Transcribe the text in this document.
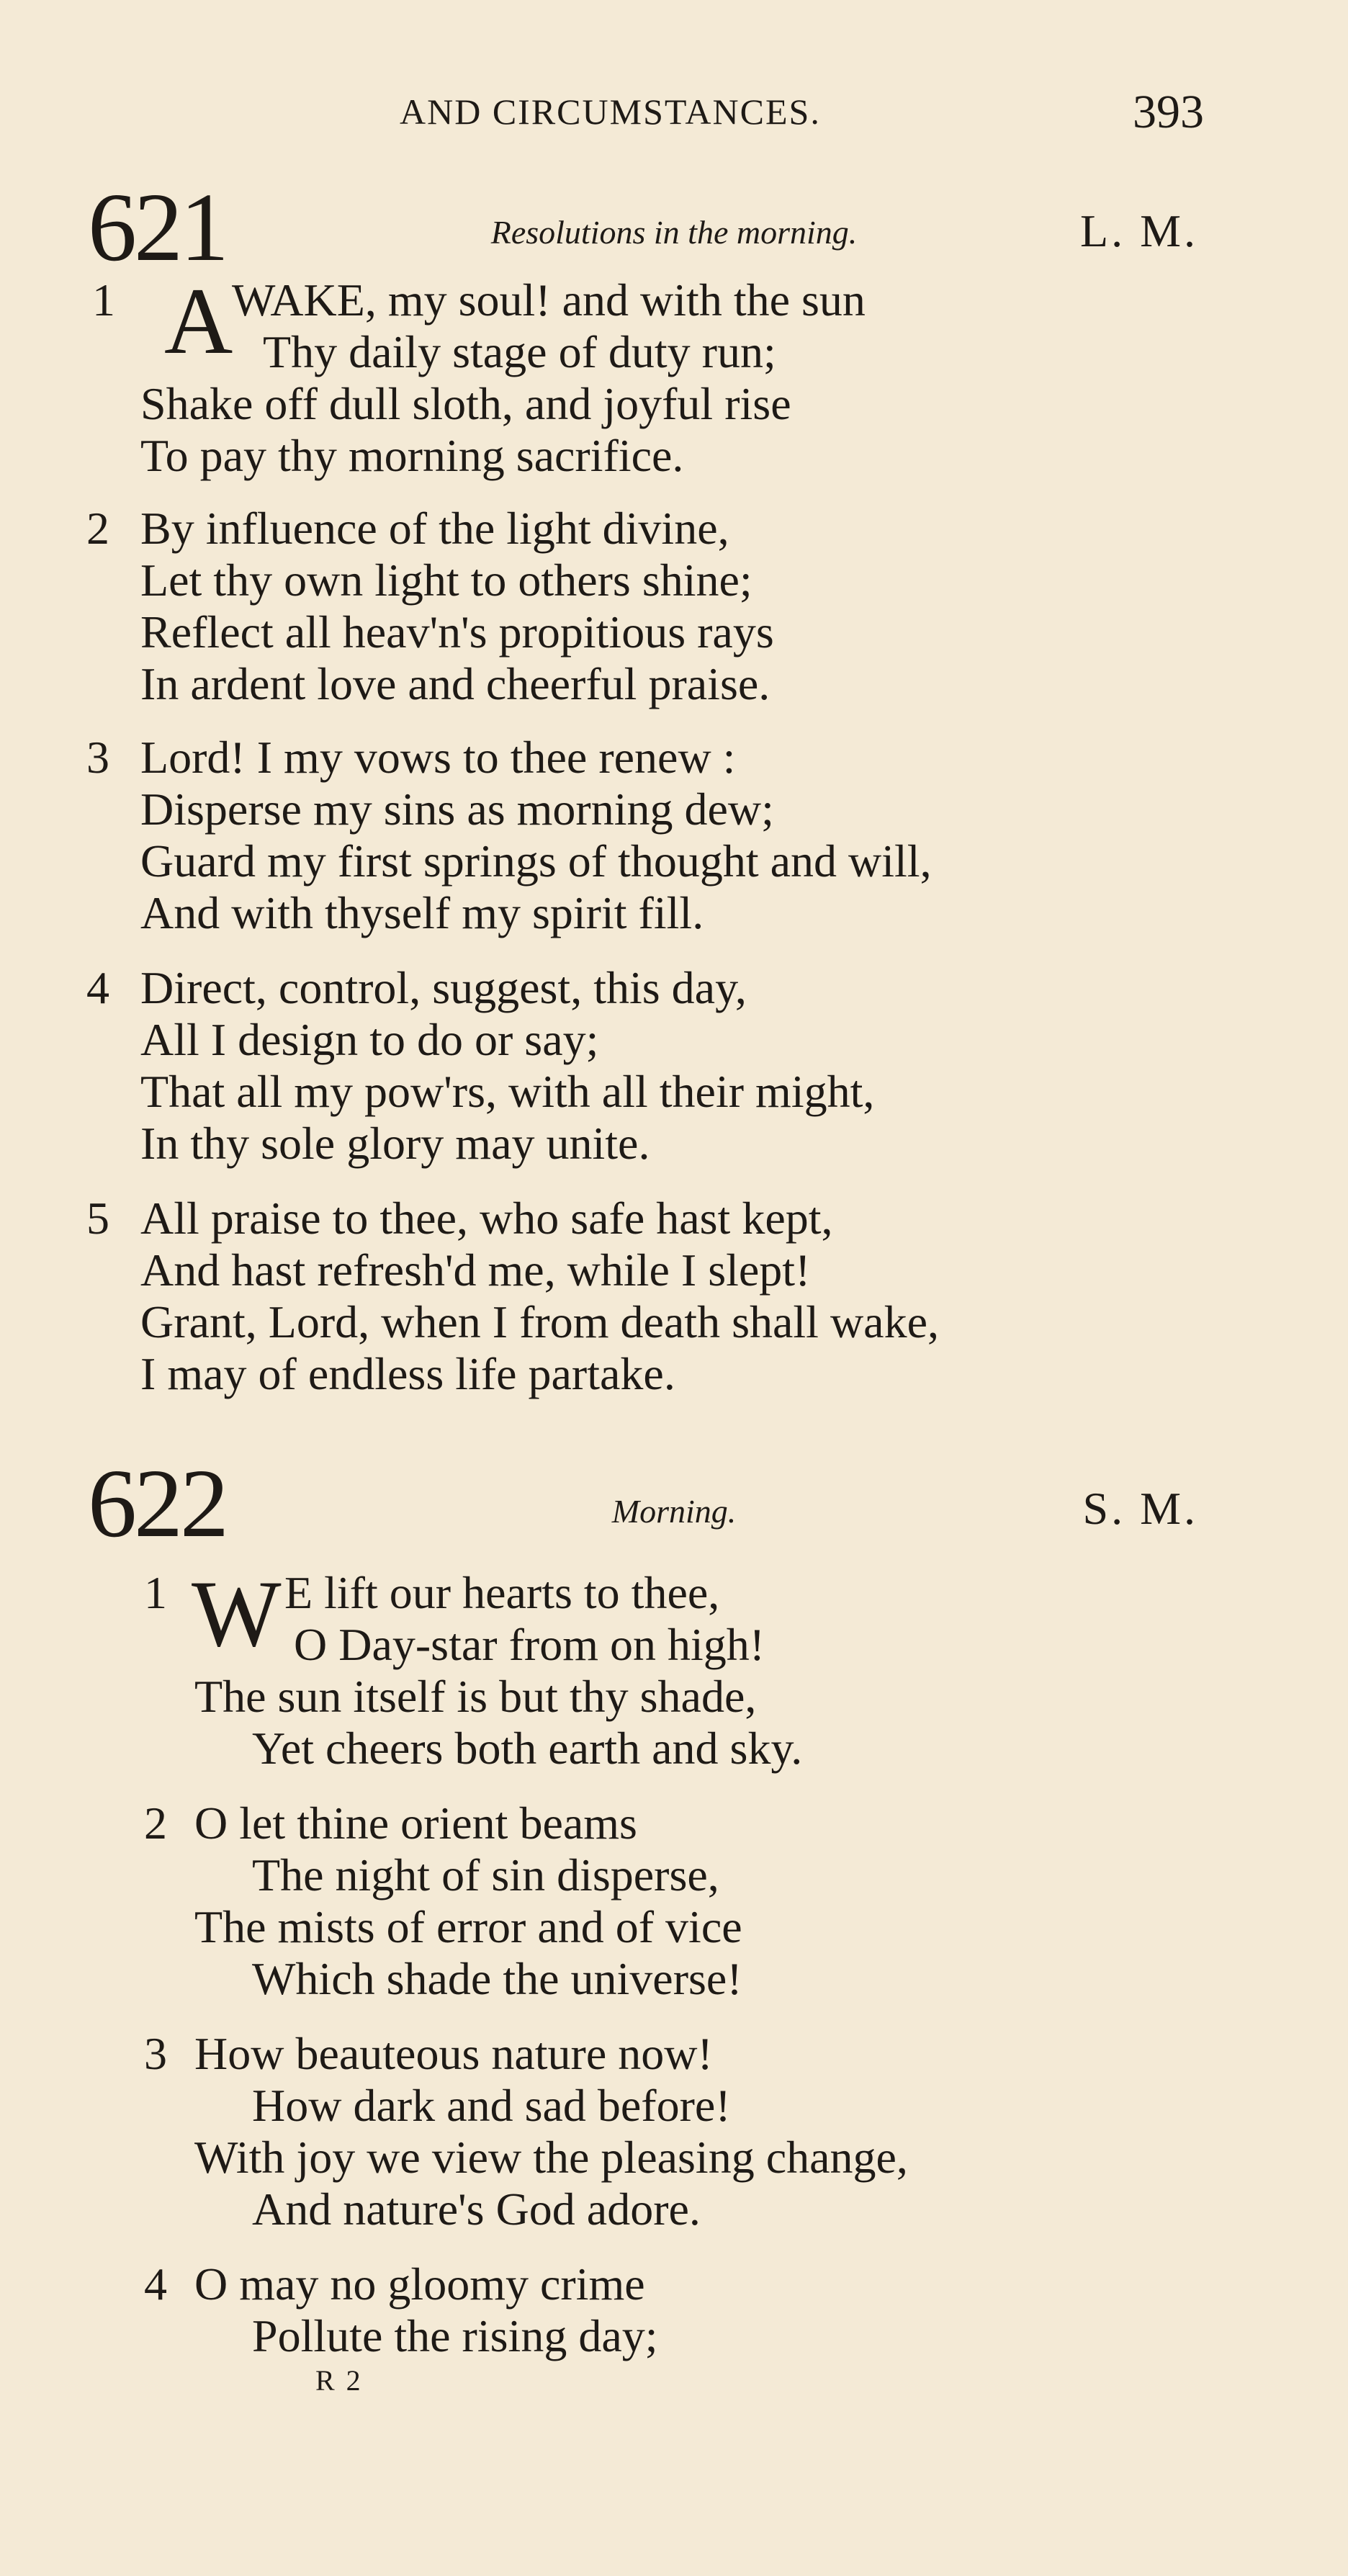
AND CIRCUMSTANCES.	393
621	Resolutions in the morning.	L. M.
1 A
WAKE, my soul! and with the sun
Thy daily stage of duty run;
Shake off dull sloth, and joyful rise
To pay thy morning sacrifice.
2 By influence of the light divine,
Let thy own light to others shine;
Reflect all heav'n's propitious rays
In ardent love and cheerful praise.
3 Lord! I my vows to thee renew :
Disperse my sins as morning dew;
Guard my first springs of thought and will,
And with thyself my spirit fill.
4 Direct, control, suggest, this day,
All I design to do or say;
That all my pow'rs, with all their might,
In thy sole glory may unite.
5 All praise to thee, who safe hast kept,
And hast refresh'd me, while I slept!
Grant, Lord, when I from death shall wake,
I may of endless life partake.
622	Morning.	S. M.
1 W E lift our hearts to thee,
O Day-star from on high!
The sun itself is but thy shade,
Yet cheers both earth and sky.
2 O let thine orient beams
The night of sin disperse,
The mists of error and of vice
Which shade the universe!
3 How beauteous nature now!
How dark and sad before!
With joy we view the pleasing change,
And nature's God adore.
4 O may no gloomy crime
Pollute the rising day;
R 2
